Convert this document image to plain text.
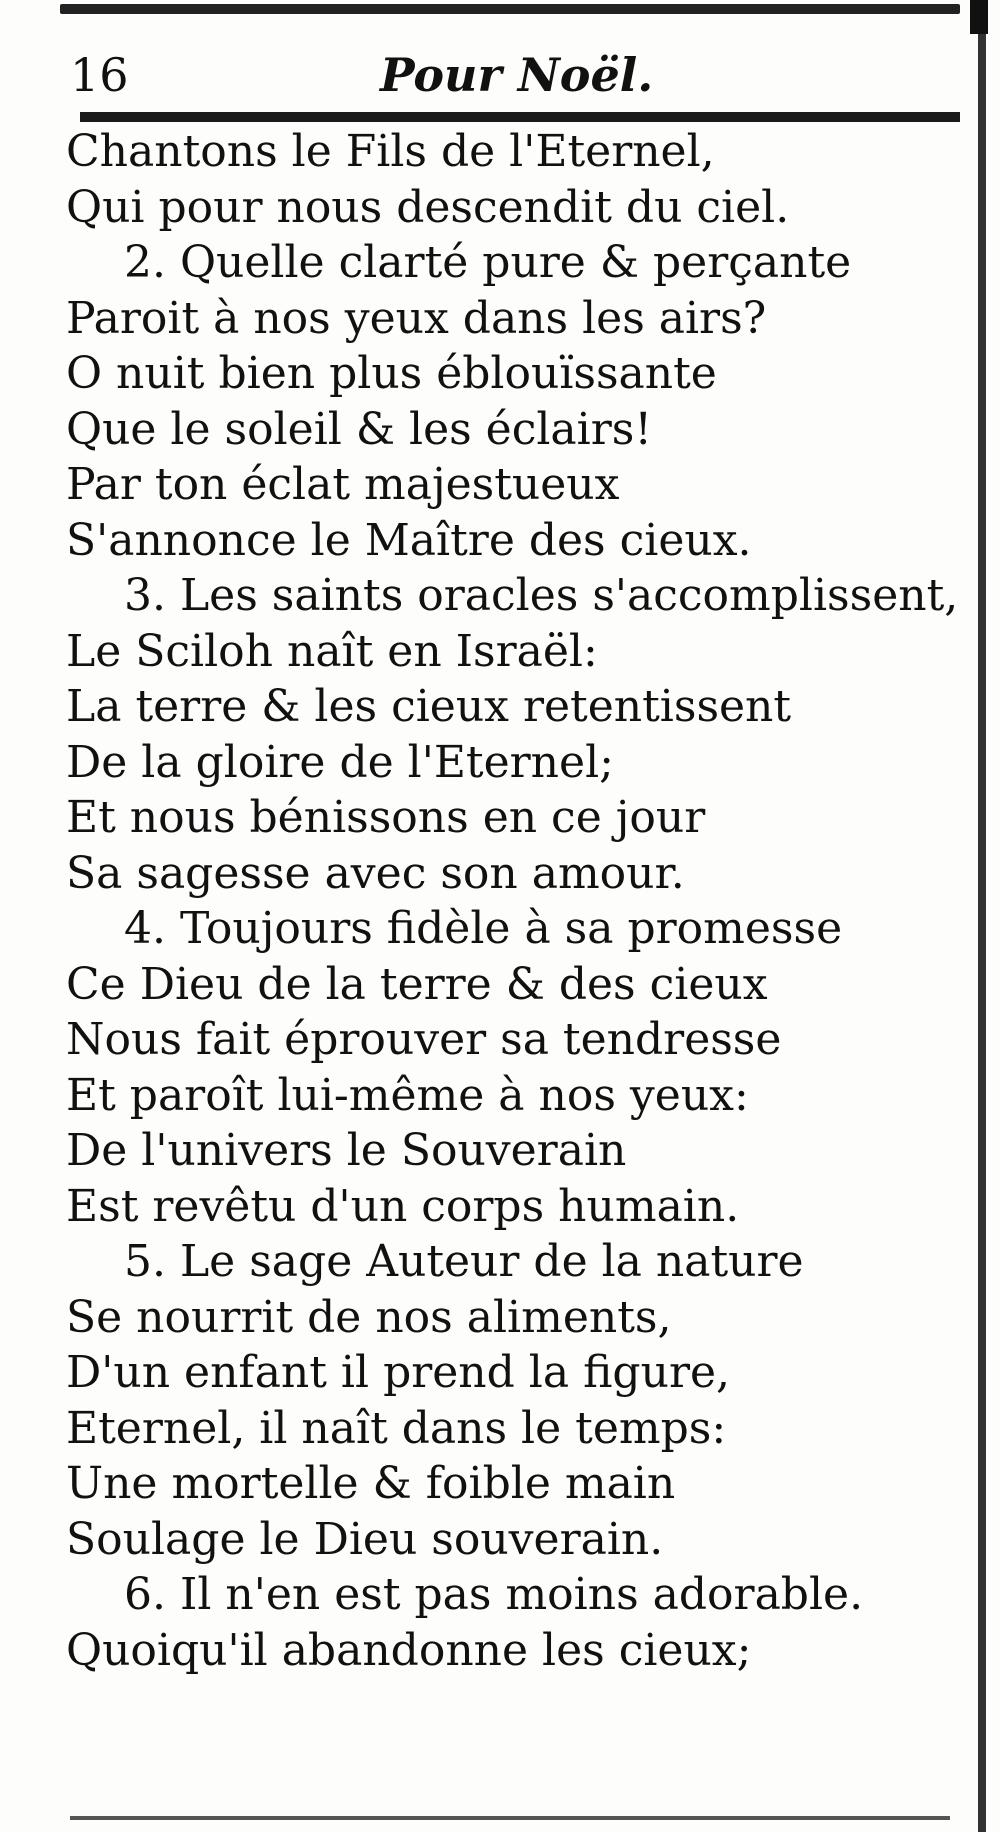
16	Pour Noël.
Chantons le Fils de l'Eternel,
Qui pour nous descendit du ciel.
2. Quelle clarté pure & perçante
Paroit à nos yeux dans les airs?
O nuit bien plus éblouïssante
Que le soleil & les éclairs!
Par ton éclat majestueux
S'annonce le Maître des cieux.
3. Les saints oracles s'accomplissent,
Le Sciloh naît en Israël:
La terre & les cieux retentissent
De la gloire de l'Eternel;
Et nous bénissons en ce jour
Sa sagesse avec son amour.
4. Toujours fidèle à sa promesse
Ce Dieu de la terre & des cieux
Nous fait éprouver sa tendresse
Et paroît lui-même à nos yeux:
De l'univers le Souverain
Est revêtu d'un corps humain.
5. Le sage Auteur de la nature
Se nourrit de nos aliments,
D'un enfant il prend la figure,
Eternel, il naît dans le temps:
Une mortelle & foible main
Soulage le Dieu souverain.
6. Il n'en est pas moins adorable.
Quoiqu'il abandonne les cieux;
